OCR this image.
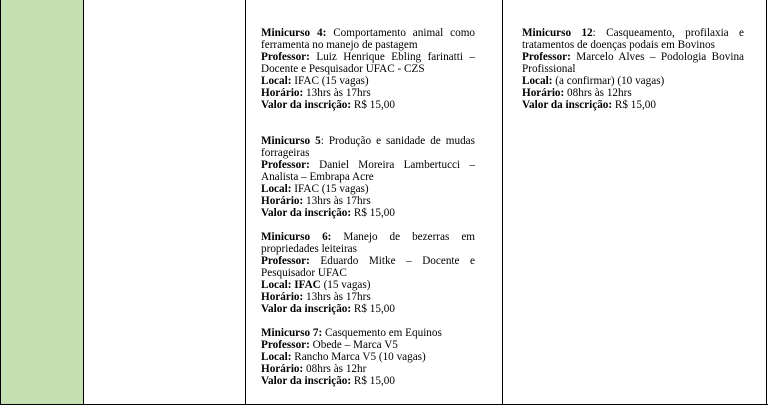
Minicurso 4: Comportamento animal como
ferramenta no manejo de pastagem
Professor: Luiz Henrique Ebling farinatti –
Docente e Pesquisador UFAC - CZS
Local: IFAC (15 vagas)
Horário: 13hrs às 17hrs
Valor da inscrição: R$ 15,00
Minicurso 5: Produção e sanidade de mudas
forrageiras
Professor: Daniel Moreira Lambertucci –
Analista – Embrapa Acre
Local: IFAC (15 vagas)
Horário: 13hrs às 17hrs
Valor da inscrição: R$ 15,00
Minicurso 6: Manejo de bezerras em
propriedades leiteiras
Professor: Eduardo Mitke – Docente e
Pesquisador UFAC
Local: IFAC (15 vagas)
Horário: 13hrs às 17hrs
Valor da inscrição: R$ 15,00
Minicurso 7: Casquemento em Equinos
Professor: Obede – Marca V5
Local: Rancho Marca V5 (10 vagas)
Horário: 08hrs às 12hr
Valor da inscrição: R$ 15,00
Minicurso 12: Casqueamento, profilaxia e
tratamentos de doenças podais em Bovinos
Professor: Marcelo Alves – Podologia Bovina
Profissional
Local: (a confirmar) (10 vagas)
Horário: 08hrs às 12hrs
Valor da inscrição: R$ 15,00
